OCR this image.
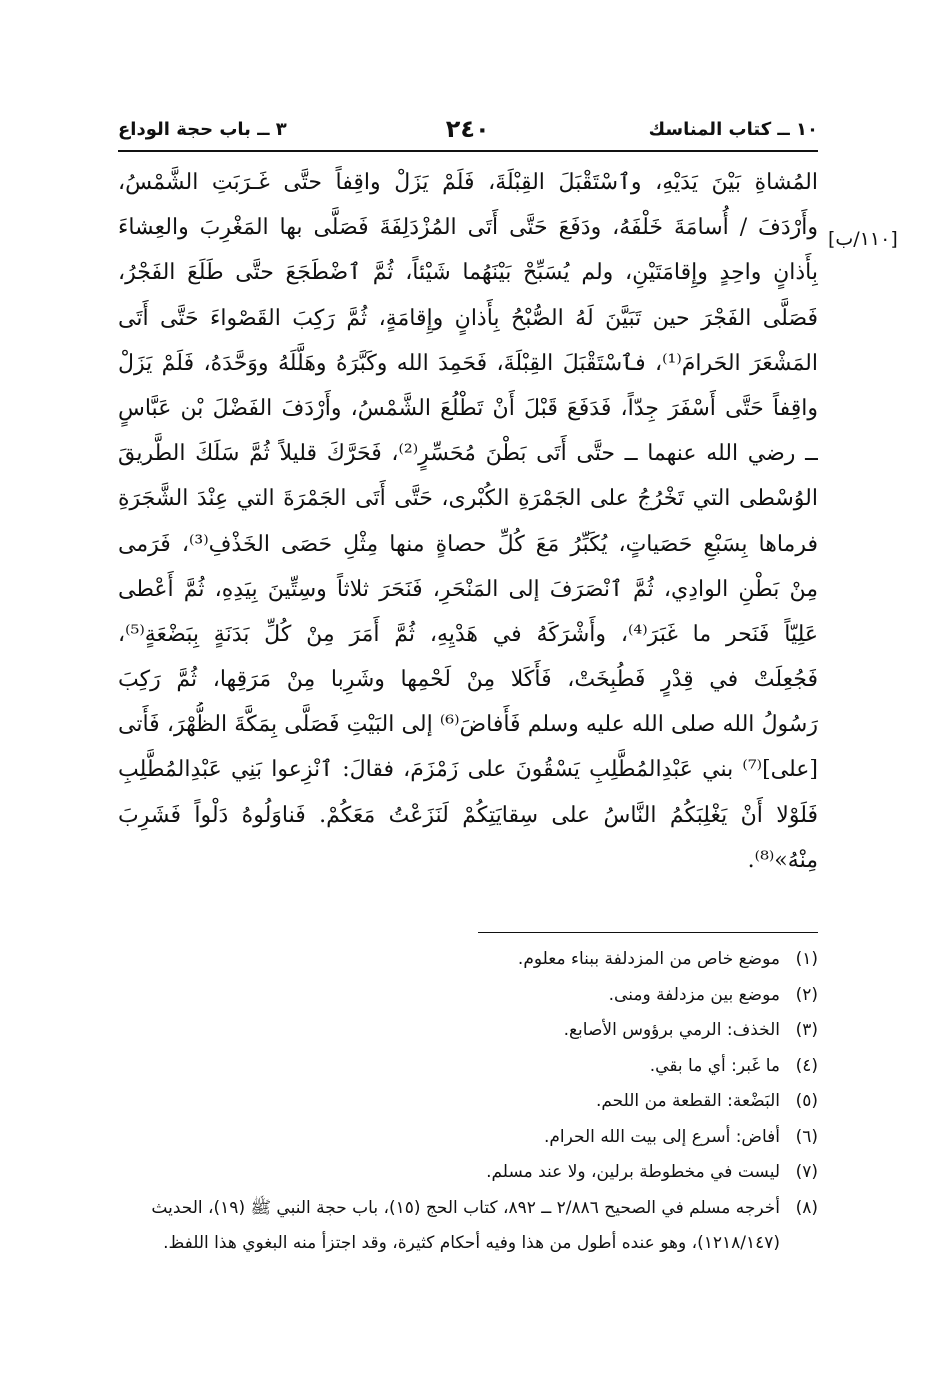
١٠ ــ كتاب المناسك
٢٤٠
٣ ــ باب حجة الوداع
[١١٠/ب]
المُشاةِ بَيْنَ يَدَيْهِ، وٱسْتَقْبَلَ القِبْلَةَ، فَلَمْ يَزَلْ واقِفاً حتَّى غَـرَبَتِ الشَّمْسُ،
وأَرْدَفَ / أُسامَةَ خَلْفَهُ، ودَفَعَ حَتَّى أَتَى المُزْدَلِفَةَ فَصَلَّى بها المَغْرِبَ والعِشاءَ
بِأَذانٍ واحِدٍ وإِقامَتَيْنِ، ولم يُسَبِّحْ بَيْنَهُما شَيْئاً، ثُمَّ ٱضْطَجَعَ حتَّى طَلَعَ الفَجْرُ،
فَصَلَّى الفَجْرَ حين تَبَيَّنَ لَهُ الصُّبْحُ بِأَذانٍ وإِقامَةٍ، ثُمَّ رَكِبَ القَصْواءَ حَتَّى أَتَى
المَشْعَرَ الحَرامَ⁽¹⁾، فٱسْتَقْبَلَ القِبْلَةَ، فَحَمِدَ الله وكَبَّرَهُ وهَلَّلَهُ ووَحَّدَهُ، فَلَمْ يَزَلْ
واقِفاً حَتَّى أَسْفَرَ جِدّاً، فَدَفَعَ قَبْلَ أَنْ تَطْلُعَ الشَّمْسُ، وأَرْدَفَ الفَضْلَ بْن عَبَّاسٍ
ــ رضي الله عنهما ــ حتَّى أَتَى بَطْنَ مُحَسِّرٍ⁽²⁾، فَحَرَّكَ قليلاً ثُمَّ سَلَكَ الطَّريقَ
الوُسْطى التي تَخْرُجُ على الجَمْرَةِ الكُبْرى، حَتَّى أَتَى الجَمْرَةَ التي عِنْدَ الشَّجَرَةِ
فرماها بِسَبْعِ حَصَياتٍ، يُكَبِّرُ مَعَ كُلِّ حصاةٍ منها مِثْلِ حَصَى الخَذْفِ⁽³⁾، فَرَمى
مِنْ بَطْنِ الوادِي، ثُمَّ ٱنْصَرَفَ إلى المَنْحَرِ، فَنَحَرَ ثلاثاً وسِتِّينَ بِيَدِهِ، ثُمَّ أَعْطى
عَلِيّاً فَنَحر ما غَبَرَ⁽⁴⁾، وأَشْرَكَهُ في هَدْيِهِ، ثُمَّ أَمَرَ مِنْ كُلِّ بَدَنَةٍ بِبَضْعَةٍ⁽⁵⁾،
فَجُعِلَتْ في قِدْرٍ فَطُبِخَتْ، فَأَكَلا مِنْ لَحْمِها وشَرِبا مِنْ مَرَقِها، ثُمَّ رَكِبَ
رَسُولُ الله صلى الله عليه وسلم فَأَفاضَ⁽⁶⁾ إلى البَيْتِ فَصَلَّى بِمَكَّةَ الظُّهْرَ، فَأَتى
[على]⁽⁷⁾ بني عَبْدِالمُطَّلِبِ يَسْقُونَ على زَمْزَمَ، فقالَ: ٱنْزِعوا بَنِي عَبْدِالمُطَّلِبِ
فَلَوْلا أَنْ يَغْلِبَكُمُ النَّاسُ على سِقايَتِكُمْ لَنَزَعْتُ مَعَكُمْ. فَناوَلُوهُ دَلْواً فَشَرِبَ
مِنْهُ»⁽⁸⁾.
(١)
موضع خاص من المزدلفة ببناء معلوم.
(٢)
موضع بين مزدلفة ومنى.
(٣)
الخذف: الرمي برؤوس الأصابع.
(٤)
ما غَبر: أي ما بقي.
(٥)
البَضْعة: القطعة من اللحم.
(٦)
أفاض: أسرع إلى بيت الله الحرام.
(٧)
ليست في مخطوطة برلين، ولا عند مسلم.
(٨)
أخرجه مسلم في الصحيح ٢/٨٨٦ ــ ٨٩٢، كتاب الحج (١٥)، باب حجة النبي ﷺ (١٩)، الحديث (١٢١٨/١٤٧)، وهو عنده أطول من هذا وفيه أحكام كثيرة، وقد اجتزأ منه البغوي هذا اللفظ.
